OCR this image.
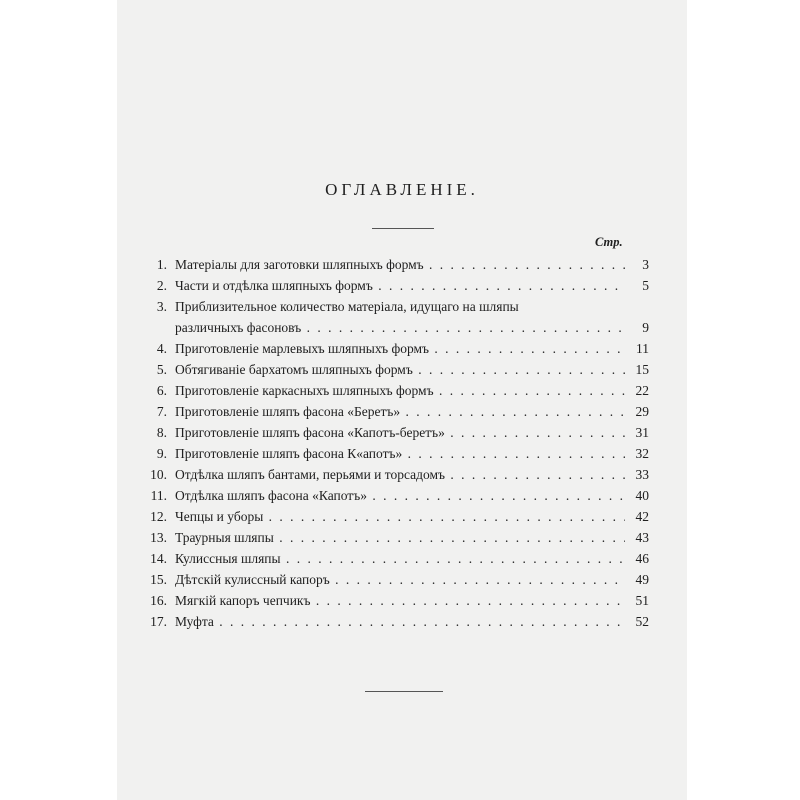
ОГЛАВЛЕНІЕ.
Стр.
1. Матеріалы для заготовки шляпныхъ формъ . . .	3
2. Части и отдѣлка шляпныхъ формъ . . .	5
3. Приблизительное количество матеріала, идущаго на шляпы
различныхъ фасоновъ . . .	9
4. Приготовленіе марлевыхъ шляпныхъ формъ . . .	11
5. Обтягиваніе бархатомъ шляпныхъ формъ . . .	15
6. Приготовленіе каркасныхъ шляпныхъ формъ . . .	22
7. Приготовленіе шляпъ фасона «Беретъ» . . .	29
8. Приготовленіе шляпъ фасона «Капотъ-беретъ» . . .	31
9. Приготовленіе шляпъ фасона К«апотъ» . . .	32
10. Отдѣлка шляпъ бантами, перьями и торсадомъ . . .	33
11. Отдѣлка шляпъ фасона «Капотъ» . . .	40
12. Чепцы и уборы . . .	42
13. Траурныя шляпы . . .	43
14. Кулиссныя шляпы . . .	46
15. Дѣтскій кулиссный капоръ . . .	49
16. Мягкій капоръ чепчикъ . . .	51
17. Муфта . . .	52
